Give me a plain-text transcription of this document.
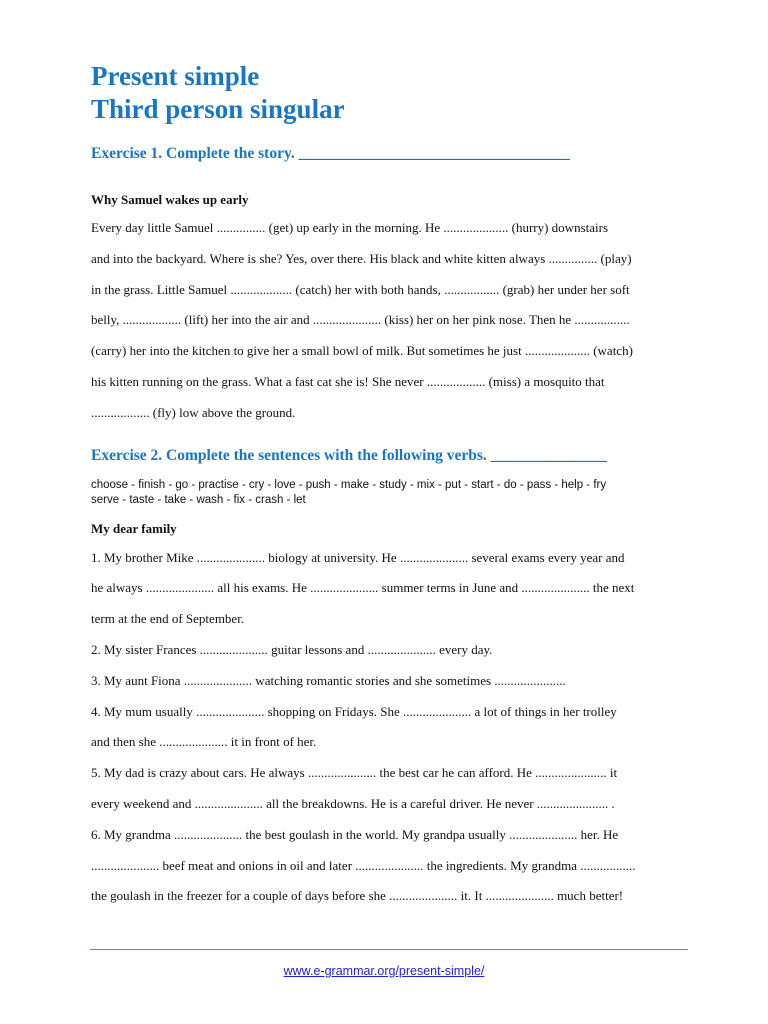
Present simple
Third person singular
Exercise 1. Complete the story. ___________________________________
Why Samuel wakes up early

Every day little Samuel ............... (get) up early in the morning. He .................... (hurry) downstairs

and into the backyard. Where is she? Yes, over there. His black and white kitten always ............... (play)

in the grass. Little Samuel ................... (catch) her with both hands, ................. (grab) her under her soft

belly, .................. (lift) her into the air and ..................... (kiss) her on her pink nose. Then he .................

(carry) her into the kitchen to give her a small bowl of milk. But sometimes he just .................... (watch)

his kitten running on the grass. What a fast cat she is! She never .................. (miss) a mosquito that

.................. (fly) low above the ground.

Exercise 2. Complete the sentences with the following verbs. _______________
choose - finish - go - practise - cry - love - push - make - study - mix - put - start - do - pass - help - fry
serve - taste - take - wash - fix - crash - let
My dear family

1. My brother Mike ..................... biology at university. He ..................... several exams every year and

he always ..................... all his exams. He ..................... summer terms in June and ..................... the next

term at the end of September.

2. My sister Frances ..................... guitar lessons and ..................... every day.

3. My aunt Fiona ..................... watching romantic stories and she sometimes ......................

4. My mum usually ..................... shopping on Fridays. She ..................... a lot of things in her trolley

and then she ..................... it in front of her.

5. My dad is crazy about cars. He always ..................... the best car he can afford. He ...................... it

every weekend and ..................... all the breakdowns. He is a careful driver. He never ...................... .

6. My grandma ..................... the best goulash in the world. My grandpa usually ..................... her. He

..................... beef meat and onions in oil and later ..................... the ingredients. My grandma .................

the goulash in the freezer for a couple of days before she ..................... it. It ..................... much better!

www.e-grammar.org/present-simple/
